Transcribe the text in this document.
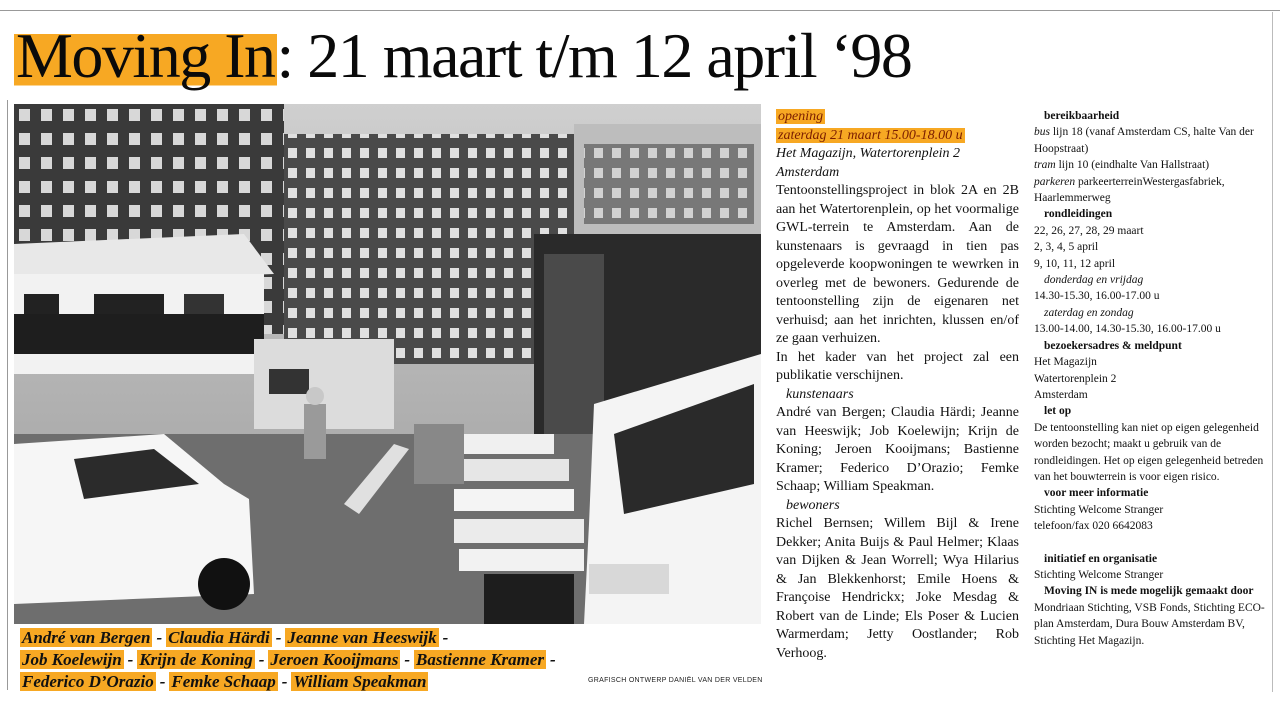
Moving In: 21 maart t/m 12 april ‘98
André van Bergen - Claudia Härdi - Jeanne van Heeswijk -
Job Koelewijn - Krijn de Koning - Jeroen Kooijmans - Bastienne Kramer -
Federico D’Orazio - Femke Schaap - William Speakman	GRAFISCH ONTWERP DANIËL VAN DER VELDEN

opening

zaterdag 21 maart 15.00-18.00 u

Het Magazijn, Watertorenplein 2

Amsterdam

Tentoonstellingsproject in blok 2A en 2B aan het Watertorenplein, op het voormalige GWL-terrein te Amsterdam. Aan de kunstenaars is gevraagd in tien pas opgeleverde koopwoningen te wewrken in overleg met de bewoners. Gedurende de tentoonstelling zijn de eigenaren net verhuisd; aan het inrichten, klussen en/of ze gaan verhuizen.

In het kader van het project zal een publikatie verschijnen.

kunstenaars

André van Bergen; Claudia Härdi; Jeanne van Heeswijk; Job Koelewijn; Krijn de Koning; Jeroen Kooijmans; Bastienne Kramer; Federico D’Orazio; Femke Schaap; William Speakman.

bewoners

Richel Bernsen; Willem Bijl & Irene Dekker; Anita Buijs & Paul Helmer; Klaas van Dijken & Jean Worrell; Wya Hilarius & Jan Blekkenhorst; Emile Hoens & Françoise Hendrickx; Joke Mesdag & Robert van de Linde; Els Poser & Lucien Warmerdam; Jetty Oostlander; Rob Verhoog.

bereikbaarheid
bus lijn 18 (vanaf Amsterdam CS, halte Van der Hoopstraat)
tram lijn 10 (eindhalte Van Hallstraat)
parkeren parkeerterreinWestergasfabriek, Haarlemmerweg
rondleidingen
22, 26, 27, 28, 29 maart
2, 3, 4, 5 april
9, 10, 11, 12 april
donderdag en vrijdag
14.30-15.30, 16.00-17.00 u
zaterdag en zondag
13.00-14.00, 14.30-15.30, 16.00-17.00 u
bezoekersadres & meldpunt
Het Magazijn
Watertorenplein 2
Amsterdam
let op
De tentoonstelling kan niet op eigen gelegenheid worden bezocht; maakt u gebruik van de rondleidingen. Het op eigen gelegenheid betreden van het bouwterrein is voor eigen risico.
voor meer informatie
Stichting Welcome Stranger
telefoon/fax 020 6642083
initiatief en organisatie
Stichting Welcome Stranger
Moving IN is mede mogelijk gemaakt door
Mondriaan Stichting, VSB Fonds, Stichting ECO-plan Amsterdam, Dura Bouw Amsterdam BV, Stichting Het Magazijn.
